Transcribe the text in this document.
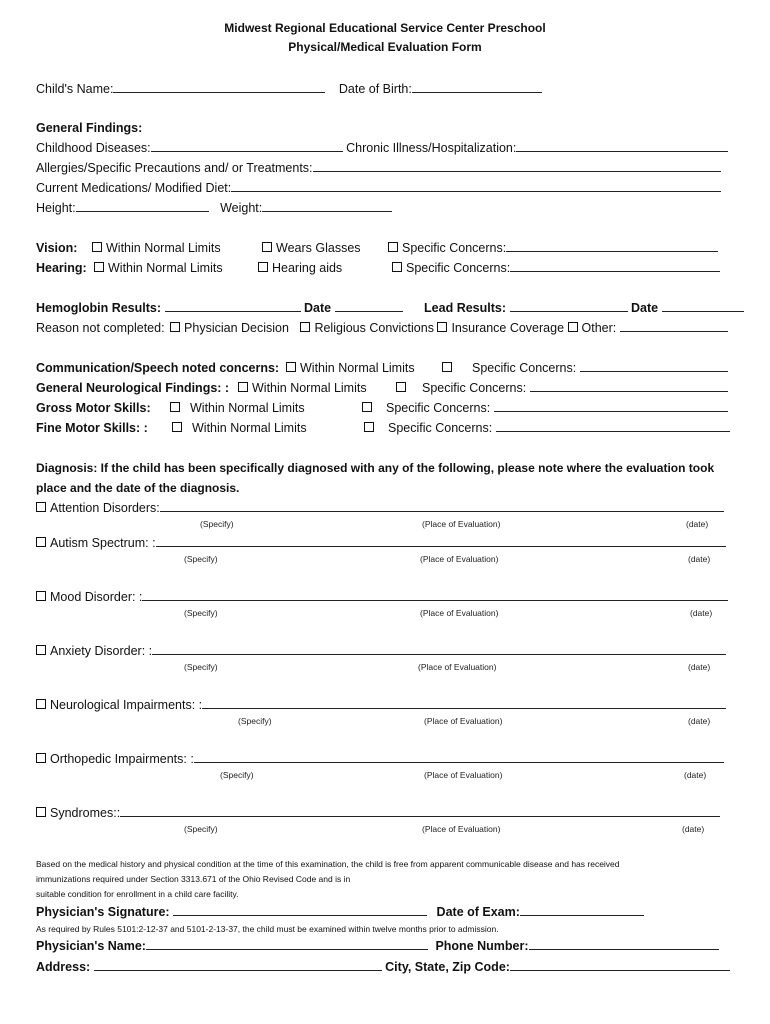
Midwest Regional Educational Service Center Preschool
Physical/Medical Evaluation Form
Child's Name:	Date of Birth:
General Findings:
Childhood Diseases:	Chronic Illness/Hospitalization:
Allergies/Specific Precautions and/ or Treatments:
Current Medications/ Modified Diet:
Height:	Weight:
Vision:	Within Normal Limits	Wears Glasses	Specific Concerns:
Hearing:	Within Normal Limits	Hearing aids	Specific Concerns:
Hemoglobin Results:	Date	Lead Results:	Date
Reason not completed: Physician Decision Religious Convictions Insurance Coverage Other:
Communication/Speech noted concerns:	Within Normal Limits	Specific Concerns:
General Neurological Findings: :	Within Normal Limits	Specific Concerns:
Gross Motor Skills:	Within Normal Limits	Specific Concerns:
Fine Motor Skills: :	Within Normal Limits	Specific Concerns:
Diagnosis: If the child has been specifically diagnosed with any of the following, please note where the evaluation took
place and the date of the diagnosis.
Attention Disorders:
(Specify)	(Place of Evaluation)	(date)
Autism Spectrum: :
(Specify)	(Place of Evaluation)	(date)
Mood Disorder: :
(Specify)	(Place of Evaluation)	(date)
Anxiety Disorder: :
(Specify)	(Place of Evaluation)	(date)
Neurological Impairments: :
(Specify)	(Place of Evaluation)	(date)
Orthopedic Impairments: :
(Specify)	(Place of Evaluation)	(date)
Syndromes::
(Specify)	(Place of Evaluation)	(date)
Based on the medical history and physical condition at the time of this examination, the child is free from apparent communicable disease and has received
immunizations required under Section 3313.671 of the Ohio Revised Code and is in
suitable condition for enrollment in a child care facility.
Physician's Signature:	Date of Exam:
As required by Rules 5101:2-12-37 and 5101-2-13-37, the child must be examined within twelve months prior to admission.
Physician's Name:	Phone Number:
Address:	City, State, Zip Code:
